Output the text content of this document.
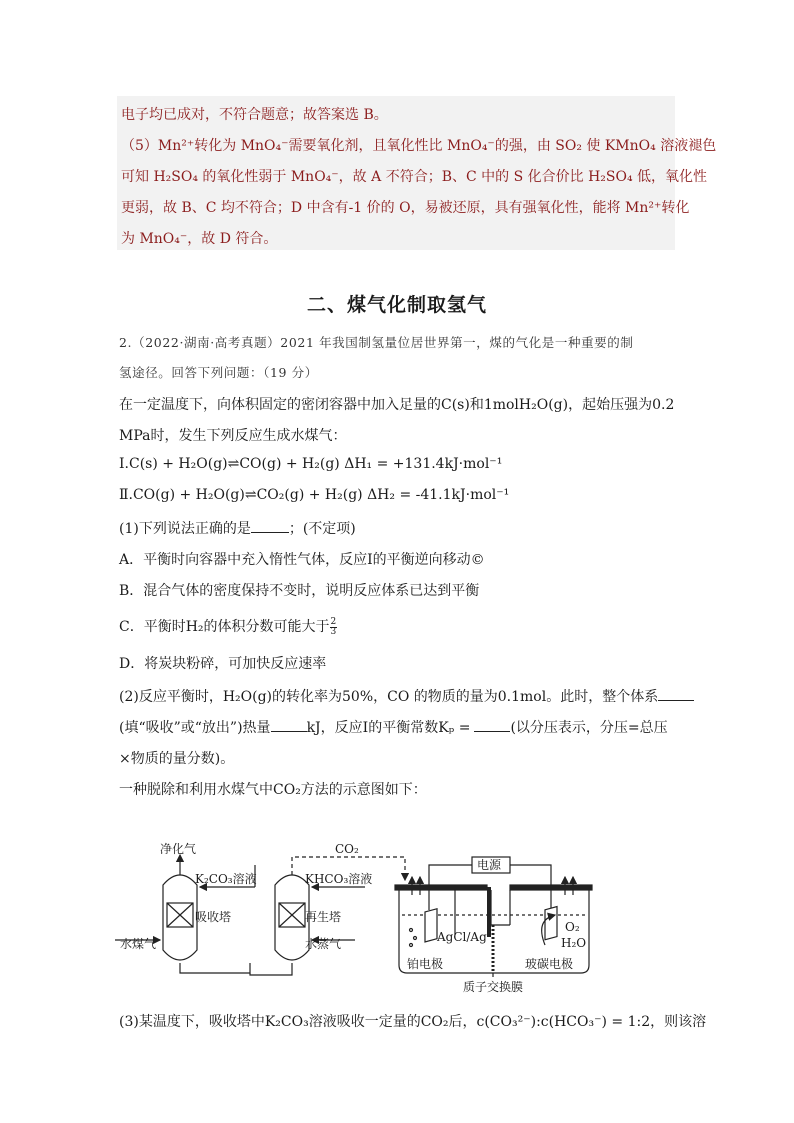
电子均已成对，不符合题意；故答案选 B。

（5）Mn²⁺转化为 MnO₄⁻需要氧化剂，且氧化性比 MnO₄⁻的强，由 SO₂ 使 KMnO₄ 溶液褪色

可知 H₂SO₄ 的氧化性弱于 MnO₄⁻，故 A 不符合；B、C 中的 S 化合价比 H₂SO₄ 低，氧化性

更弱，故 B、C 均不符合；D 中含有-1 价的 O，易被还原，具有强氧化性，能将 Mn²⁺转化

为 MnO₄⁻，故 D 符合。

二、煤气化制取氢气
2.（2022·湖南·高考真题）2021 年我国制氢量位居世界第一，煤的气化是一种重要的制
氢途径。回答下列问题：（19 分）
在一定温度下，向体积固定的密闭容器中加入足量的C(s)和1molH₂O(g)，起始压强为0.2
MPa时，发生下列反应生成水煤气：
Ⅰ.C(s) + H₂O(g)⇌CO(g) + H₂(g) ΔH₁ = +131.4kJ·mol⁻¹
Ⅱ.CO(g) + H₂O(g)⇌CO₂(g) + H₂(g) ΔH₂ = -41.1kJ·mol⁻¹
(1)下列说法正确的是	；(不定项)
A．平衡时向容器中充入惰性气体，反应Ⅰ的平衡逆向移动©
B．混合气体的密度保持不变时，说明反应体系已达到平衡
C．平衡时H₂的体积分数可能大于 $\frac{2}{3}$
D．将炭块粉碎，可加快反应速率
(2)反应平衡时，H₂O(g)的转化率为50%，CO 的物质的量为0.1mol。此时，整个体系
(填“吸收”或“放出”)热量	kJ，反应Ⅰ的平衡常数Kₚ =	(以分压表示，分压=总压
×物质的量分数)。
一种脱除和利用水煤气中CO₂方法的示意图如下：
净化气
K₂CO₃溶液
吸收塔
水煤气
CO₂
KHCO₃溶液
再生塔
水蒸气
电源
AgCl/Ag
O₂
H₂O
铂电极	玻碳电极
质子交换膜
(3)某温度下，吸收塔中K₂CO₃溶液吸收一定量的CO₂后，c(CO₃²⁻):c(HCO₃⁻) = 1:2，则该溶
